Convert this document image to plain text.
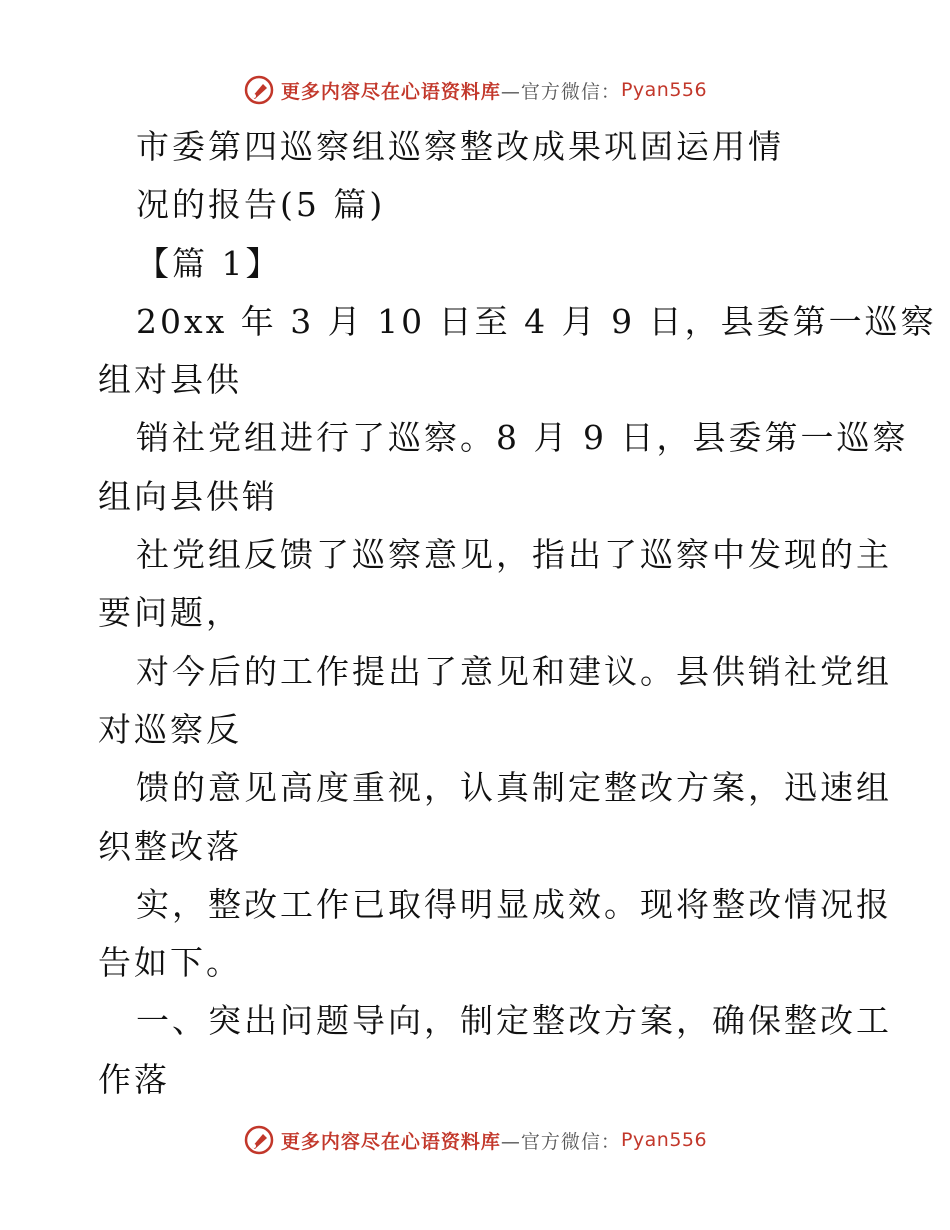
更多内容尽在心语资料库 —官方微信： Pyan556
市委第四巡察组巡察整改成果巩固运用情
况的报告(5 篇)
【篇 1】
20xx 年 3 月 10 日至 4 月 9 日，县委第一巡察
组对县供
销社党组进行了巡察。8 月 9 日，县委第一巡察
组向县供销
社党组反馈了巡察意见，指出了巡察中发现的主
要问题，
对今后的工作提出了意见和建议。县供销社党组
对巡察反
馈的意见高度重视，认真制定整改方案，迅速组
织整改落
实，整改工作已取得明显成效。现将整改情况报
告如下。
一、突出问题导向，制定整改方案，确保整改工
作落
更多内容尽在心语资料库 —官方微信： Pyan556
